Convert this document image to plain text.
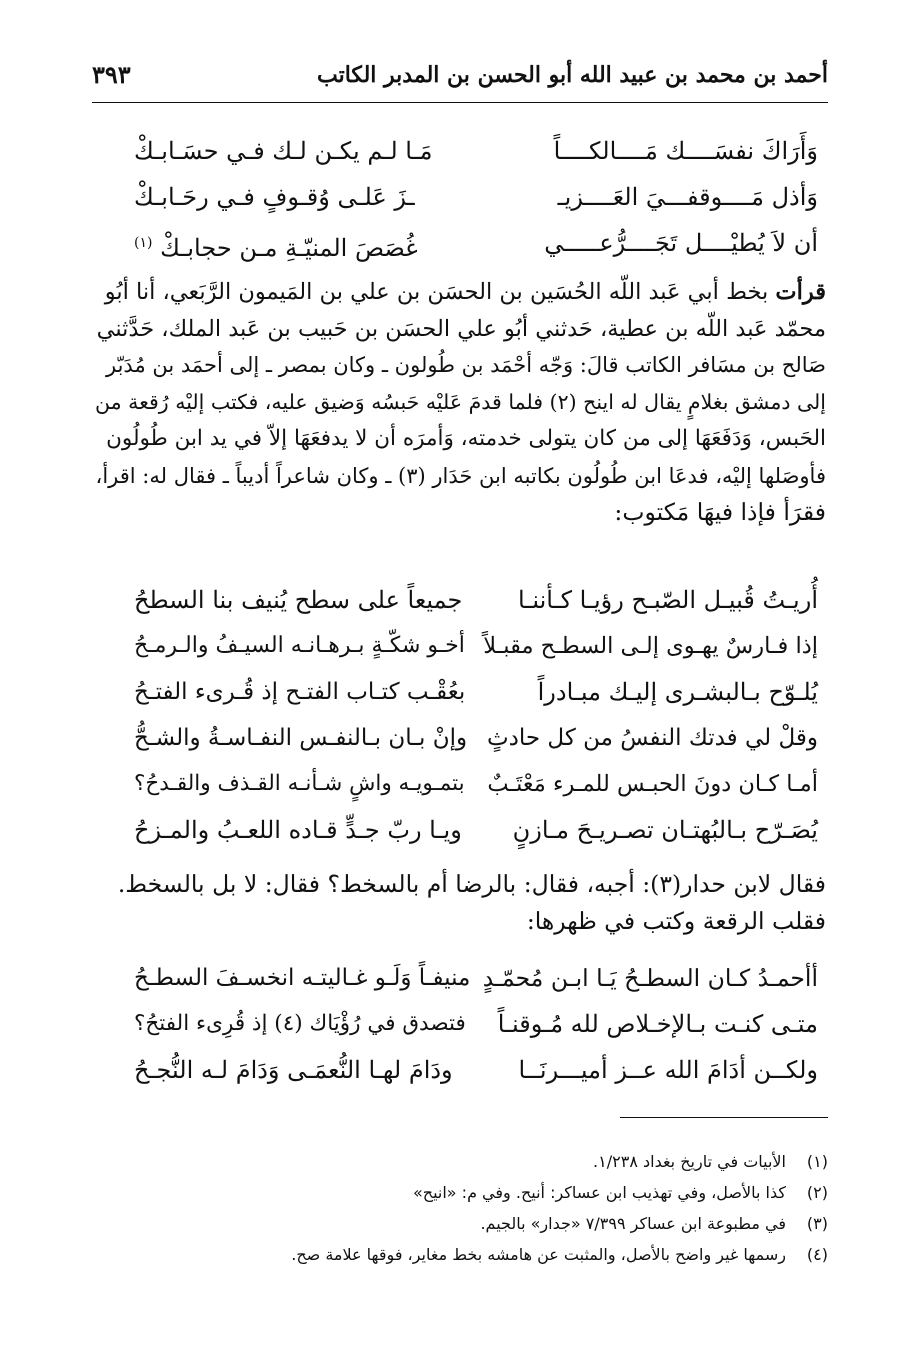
أحمد بن محمد بن عبيد الله أبو الحسن بن المدبر الكاتب
٣٩٣
وَأَرَاكَ نفسَــــك مَــــالكــــاً
مَـا لـم يكـن لـك فـي حسَـابـكْ
وَأذل مَــــوقفـــيَ العَــــزيـ
ـزَ عَلـى وُقـوفٍ فـي رحَـابـكْ
أن لاَ يُطيْــــل تَجَــــرُّعـــــي
غُصَصَ المنيّـةِ مـن حجابـكْ $^{(١)}$
قرأت بخط أبي عَبد اللّه الحُسَين بن الحسَن بن علي بن المَيمون الرَّبَعي، أنا أبُو
محمّد عَبد اللّه بن عطية، حَدثني أبُو علي الحسَن بن حَبيب بن عَبد الملك، حَدَّثني
صَالح بن مسَافر الكاتب قالَ: وَجّه أحْمَد بن طُولون ـ وكان بمصر ـ إلى أحمَد بن مُدَبّر
إلى دمشق بغلامٍ يقال له اينح (٢) فلما قدمَ عَليْه حَبسُه وَضيق عليه، فكتب إليْه رُقعة من
الحَبس، وَدَفَعَهَا إلى من كان يتولى خدمته، وَأمرَه أن لا يدفعَهَا إلاّ في يد ابن طُولُون
فأوصَلها إليْه، فدعَا ابن طُولُون بكاتبه ابن حَدَار (٣) ـ وكان شاعراً أديباً ـ فقال له: اقرأ،
فقرَأ فإذا فيهَا مَكتوب:
أُريـتُ قُبيـل الصّبـح رؤيـا كـأننـا
جميعاً على سطح يُنيف بنا السطحُ
إذا فـارسٌ يهـوى إلـى السطـح مقبـلاً
أخـو شكّـةٍ بـرهـانـه السيـفُ والـرمـحُ
يُلـوّح بـالبشـرى إليـك مبـادراً
بعُقْـب كتـاب الفتـح إذ قُـرىء الفتـحُ
وقلْ لي فدتك النفسُ من كل حادثٍ
وإنْ بـان بـالنفـس النفـاسـةُ والشـحُّ
أمـا كـان دونَ الحبـس للمـرء مَعْتَـبٌ
بتمـويـه واشٍ شـأنـه القـذف والقـدحُ؟
يُصَـرّح بـالبُهتـان تصـريـحَ مـازنٍ
ويـا ربّ جـدٍّ قـاده اللعـبُ والمـزحُ
فقال لابن حدار(٣): أجبه، فقال: بالرضا أم بالسخط؟ فقال: لا بل بالسخط.
فقلب الرقعة وكتب في ظهرها:
أأحمـدُ كـان السطـحُ يَـا ابـن مُحمّـدٍ
منيفـاً وَلَـو غـاليتـه انخسـفَ السطـحُ
متـى كنـت بـالإخـلاص لله مُـوقنـاً
فتصدق في رُؤْيَاك (٤) إذ قُرِىء الفتحُ؟
ولكــن أدَامَ الله عــز أميـــرنَــا
ودَامَ لهـا النُّعمَـى وَدَامَ لـه النُّجـحُ
(١)
الأبيات في تاريخ بغداد ١/٢٣٨.
(٢)
كذا بالأصل، وفي تهذيب ابن عساكر: أنيح. وفي م: «انيح»
(٣)
في مطبوعة ابن عساكر ٧/٣٩٩ «جدار» بالجيم.
(٤)
رسمها غير واضح بالأصل، والمثبت عن هامشه بخط مغاير، فوقها علامة صح.
